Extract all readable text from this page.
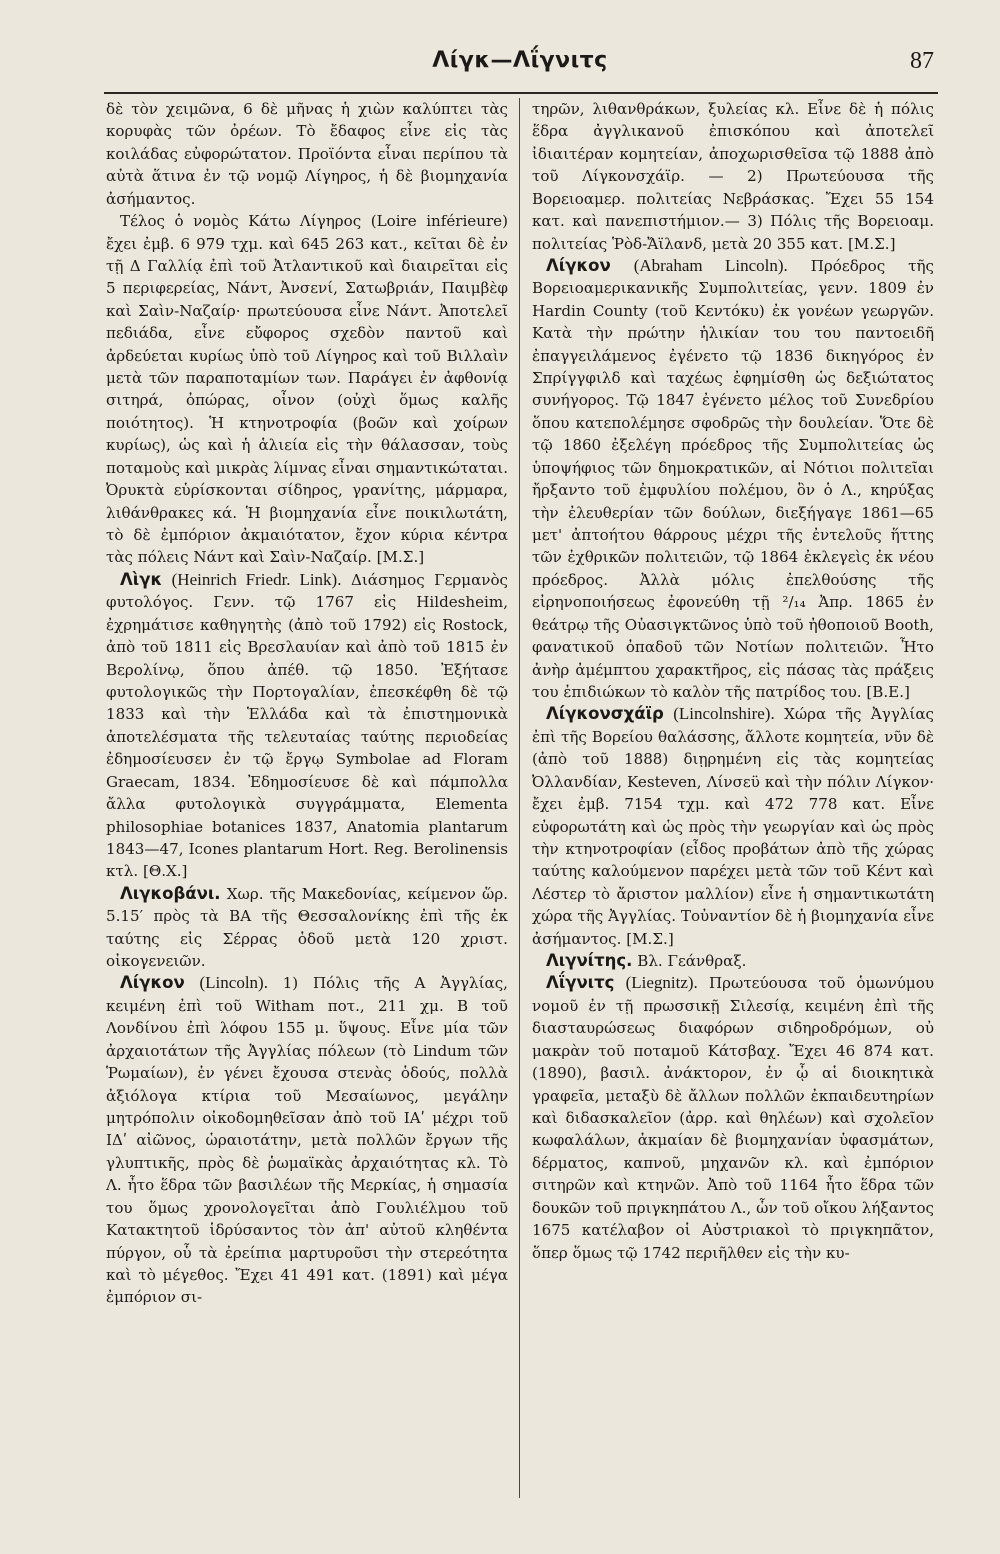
Λίγκ—Λΐγνιτς	87

δὲ τὸν χειμῶνα, 6 δὲ μῆνας ἡ χιὼν καλύπτει τὰς κορυφὰς τῶν ὀρέων. Τὸ ἔδαφος εἶνε εἰς τὰς κοιλάδας εὐφορώτατον. Προϊόντα εἶναι περίπου τὰ αὐτὰ ἅτινα ἐν τῷ νομῷ Λίγηρος, ἡ δὲ βιομηχανία ἀσήμαντος.

Τέλος ὁ νομὸς Κάτω Λίγηρος (Loire inférieure) ἔχει ἐμβ. 6 979 τχμ. καὶ 645 263 κατ., κεῖται δὲ ἐν τῇ Δ Γαλλίᾳ ἐπὶ τοῦ Ἀτλαντικοῦ καὶ διαιρεῖται εἰς 5 περιφερείας, Νάντ, Ἀνσενί, Σατωβριάν, Παιμβὲφ καὶ Σαὶν-Ναζαίρ· πρωτεύουσα εἶνε Νάντ. Ἀποτελεῖ πεδιάδα, εἶνε εὔφορος σχεδὸν παντοῦ καὶ ἀρδεύεται κυρίως ὑπὸ τοῦ Λίγηρος καὶ τοῦ Βιλλαὶν μετὰ τῶν παραποταμίων των. Παράγει ἐν ἀφθονίᾳ σιτηρά, ὀπώρας, οἶνον (οὐχὶ ὅμως καλῆς ποιότητος). Ἡ κτηνοτροφία (βοῶν καὶ χοίρων κυρίως), ὡς καὶ ἡ ἁλιεία εἰς τὴν θάλασσαν, τοὺς ποταμοὺς καὶ μικρὰς λίμνας εἶναι σημαντικώταται. Ὀρυκτὰ εὑρίσκονται σίδηρος, γρανίτης, μάρμαρα, λιθάνθρακες κά. Ἡ βιομηχανία εἶνε ποικιλωτάτη, τὸ δὲ ἐμπόριον ἀκμαιότατον, ἔχον κύρια κέντρα τὰς πόλεις Νάντ καὶ Σαὶν-Ναζαίρ. [Μ.Σ.]

Λὶγκ (Heinrich Friedr. Link). Διάσημος Γερμανὸς φυτολόγος. Γενν. τῷ 1767 εἰς Hildesheim, ἐχρημάτισε καθηγητὴς (ἀπὸ τοῦ 1792) εἰς Rostock, ἀπὸ τοῦ 1811 εἰς Βρεσλαυίαν καὶ ἀπὸ τοῦ 1815 ἐν Βερολίνῳ, ὅπου ἀπέθ. τῷ 1850. Ἐξήτασε φυτολογικῶς τὴν Πορτογαλίαν, ἐπεσκέφθη δὲ τῷ 1833 καὶ τὴν Ἑλλάδα καὶ τὰ ἐπιστημονικὰ ἀποτελέσματα τῆς τελευταίας ταύτης περιοδείας ἐδημοσίευσεν ἐν τῷ ἔργῳ Symbolae ad Floram Graecam, 1834. Ἐδημοσίευσε δὲ καὶ πάμπολλα ἄλλα φυτολογικὰ συγγράμματα, Elementa philosophiae botanices 1837, Anatomia plantarum 1843—47, Icones plantarum Hort. Reg. Berolinensis κτλ. [Θ.Χ.]

Λιγκοβάνι. Χωρ. τῆς Μακεδονίας, κείμενον ὥρ. 5.15′ πρὸς τὰ ΒΑ τῆς Θεσσαλονίκης ἐπὶ τῆς ἐκ ταύτης εἰς Σέρρας ὁδοῦ μετὰ 120 χριστ. οἰκογενειῶν.

Λίγκον (Lincoln). 1) Πόλις τῆς Α Ἀγγλίας, κειμένη ἐπὶ τοῦ Witham ποτ., 211 χμ. Β τοῦ Λονδίνου ἐπὶ λόφου 155 μ. ὕψους. Εἶνε μία τῶν ἀρχαιοτάτων τῆς Ἀγγλίας πόλεων (τὸ Lindum τῶν Ῥωμαίων), ἐν γένει ἔχουσα στενὰς ὁδούς, πολλὰ ἀξιόλογα κτίρια τοῦ Μεσαίωνος, μεγάλην μητρόπολιν οἰκοδομηθεῖσαν ἀπὸ τοῦ ΙΑʹ μέχρι τοῦ ΙΔʹ αἰῶνος, ὡραιοτάτην, μετὰ πολλῶν ἔργων τῆς γλυπτικῆς, πρὸς δὲ ῥωμαϊκὰς ἀρχαιότητας κλ. Τὸ Λ. ἦτο ἕδρα τῶν βασιλέων τῆς Μερκίας, ἡ σημασία του ὅμως χρονολογεῖται ἀπὸ Γουλιέλμου τοῦ Κατακτητοῦ ἱδρύσαντος τὸν ἀπ' αὐτοῦ κληθέντα πύργον, οὗ τὰ ἐρείπια μαρτυροῦσι τὴν στερεότητα καὶ τὸ μέγεθος. Ἔχει 41 491 κατ. (1891) καὶ μέγα ἐμπόριον σι-

τηρῶν, λιθανθράκων, ξυλείας κλ. Εἶνε δὲ ἡ πόλις ἕδρα ἀγγλικανοῦ ἐπισκόπου καὶ ἀποτελεῖ ἰδιαιτέραν κομητείαν, ἀποχωρισθεῖσα τῷ 1888 ἀπὸ τοῦ Λίγκονσχάϊρ. — 2) Πρωτεύουσα τῆς Βορειοαμερ. πολιτείας Νεβράσκας. Ἔχει 55 154 κατ. καὶ πανεπιστήμιον.— 3) Πόλις τῆς Βορειοαμ. πολιτείας Ῥὸδ-Ἄϊλανδ, μετὰ 20 355 κατ. [Μ.Σ.]

Λίγκον (Abraham Lincoln). Πρόεδρος τῆς Βορειοαμερικανικῆς Συμπολιτείας, γενν. 1809 ἐν Hardin County (τοῦ Κεντόκυ) ἐκ γονέων γεωργῶν. Κατὰ τὴν πρώτην ἡλικίαν του του παντοειδῆ ἐπαγγειλάμενος ἐγένετο τῷ 1836 δικηγόρος ἐν Σπρίγγφιλδ καὶ ταχέως ἐφημίσθη ὡς δεξιώτατος συνήγορος. Τῷ 1847 ἐγένετο μέλος τοῦ Συνεδρίου ὅπου κατεπολέμησε σφοδρῶς τὴν δουλείαν. Ὅτε δὲ τῷ 1860 ἐξελέγη πρόεδρος τῆς Συμπολιτείας ὡς ὑποψήφιος τῶν δημοκρατικῶν, αἱ Νότιοι πολιτεῖαι ἤρξαντο τοῦ ἐμφυλίου πολέμου, ὃν ὁ Λ., κηρύξας τὴν ἐλευθερίαν τῶν δούλων, διεξήγαγε 1861—65 μετ' ἀπτοήτου θάρρους μέχρι τῆς ἐντελοῦς ἥττης τῶν ἐχθρικῶν πολιτειῶν, τῷ 1864 ἐκλεγεὶς ἐκ νέου πρόεδρος. Ἀλλὰ μόλις ἐπελθούσης τῆς εἰρηνοποιήσεως ἐφονεύθη τῇ ²/₁₄ Ἀπρ. 1865 ἐν θεάτρῳ τῆς Οὐασιγκτῶνος ὑπὸ τοῦ ἠθοποιοῦ Booth, φανατικοῦ ὀπαδοῦ τῶν Νοτίων πολιτειῶν. Ἦτο ἀνὴρ ἀμέμπτου χαρακτῆρος, εἰς πάσας τὰς πράξεις του ἐπιδιώκων τὸ καλὸν τῆς πατρίδος του. [Β.Ε.]

Λίγκονσχάϊρ (Lincolnshire). Χώρα τῆς Ἀγγλίας ἐπὶ τῆς Βορείου θαλάσσης, ἄλλοτε κομητεία, νῦν δὲ (ἀπὸ τοῦ 1888) διῃρημένη εἰς τὰς κομητείας Ὀλλανδίαν, Kesteven, Λίνσεϋ καὶ τὴν πόλιν Λίγκον· ἔχει ἐμβ. 7154 τχμ. καὶ 472 778 κατ. Εἶνε εὐφορωτάτη καὶ ὡς πρὸς τὴν γεωργίαν καὶ ὡς πρὸς τὴν κτηνοτροφίαν (εἶδος προβάτων ἀπὸ τῆς χώρας ταύτης καλούμενον παρέχει μετὰ τῶν τοῦ Κέντ καὶ Λέστερ τὸ ἄριστον μαλλίον) εἶνε ἡ σημαντικωτάτη χώρα τῆς Ἀγγλίας. Τοὐναντίον δὲ ἡ βιομηχανία εἶνε ἀσήμαντος. [Μ.Σ.]

Λιγνίτης. Βλ. Γεάνθραξ.

Λΐγνιτς (Liegnitz). Πρωτεύουσα τοῦ ὁμωνύμου νομοῦ ἐν τῇ πρωσσικῇ Σιλεσίᾳ, κειμένη ἐπὶ τῆς διασταυρώσεως διαφόρων σιδηροδρόμων, οὐ μακρὰν τοῦ ποταμοῦ Κάτσβαχ. Ἔχει 46 874 κατ. (1890), βασιλ. ἀνάκτορον, ἐν ᾧ αἱ διοικητικὰ γραφεῖα, μεταξὺ δὲ ἄλλων πολλῶν ἐκπαιδευτηρίων καὶ διδασκαλεῖον (ἀρρ. καὶ θηλέων) καὶ σχολεῖον κωφαλάλων, ἀκμαίαν δὲ βιομηχανίαν ὑφασμάτων, δέρματος, καπνοῦ, μηχανῶν κλ. καὶ ἐμπόριον σιτηρῶν καὶ κτηνῶν. Ἀπὸ τοῦ 1164 ἦτο ἕδρα τῶν δουκῶν τοῦ πριγκηπάτου Λ., ὧν τοῦ οἴκου λήξαντος 1675 κατέλαβον οἱ Αὐστριακοὶ τὸ πριγκηπᾶτον, ὅπερ ὅμως τῷ 1742 περιῆλθεν εἰς τὴν κυ-
